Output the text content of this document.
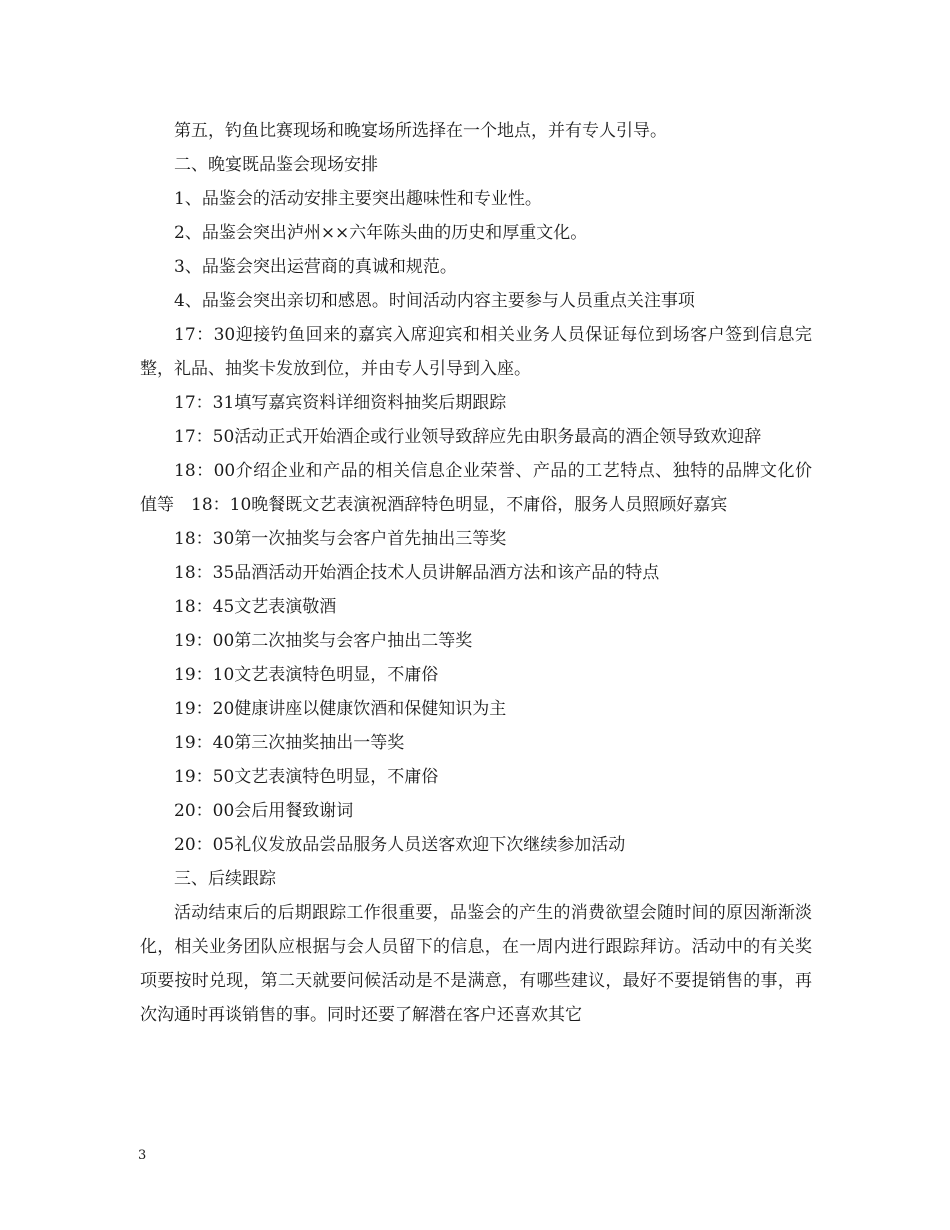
第五，钓鱼比赛现场和晚宴场所选择在一个地点，并有专人引导。

二、晚宴既品鉴会现场安排

1、品鉴会的活动安排主要突出趣味性和专业性。

2、品鉴会突出泸州××六年陈头曲的历史和厚重文化。

3、品鉴会突出运营商的真诚和规范。

4、品鉴会突出亲切和感恩。时间活动内容主要参与人员重点关注事项

17：30迎接钓鱼回来的嘉宾入席迎宾和相关业务人员保证每位到场客户签到信息完整，礼品、抽奖卡发放到位，并由专人引导到入座。

17：31填写嘉宾资料详细资料抽奖后期跟踪

17：50活动正式开始酒企或行业领导致辞应先由职务最高的酒企领导致欢迎辞

18：00介绍企业和产品的相关信息企业荣誉、产品的工艺特点、独特的品牌文化价值等　18：10晚餐既文艺表演祝酒辞特色明显，不庸俗，服务人员照顾好嘉宾

18：30第一次抽奖与会客户首先抽出三等奖

18：35品酒活动开始酒企技术人员讲解品酒方法和该产品的特点

18：45文艺表演敬酒

19：00第二次抽奖与会客户抽出二等奖

19：10文艺表演特色明显，不庸俗

19：20健康讲座以健康饮酒和保健知识为主

19：40第三次抽奖抽出一等奖

19：50文艺表演特色明显，不庸俗

20：00会后用餐致谢词

20：05礼仪发放品尝品服务人员送客欢迎下次继续参加活动

三、后续跟踪

活动结束后的后期跟踪工作很重要，品鉴会的产生的消费欲望会随时间的原因渐渐淡化，相关业务团队应根据与会人员留下的信息，在一周内进行跟踪拜访。活动中的有关奖项要按时兑现，第二天就要问候活动是不是满意，有哪些建议，最好不要提销售的事，再次沟通时再谈销售的事。同时还要了解潜在客户还喜欢其它

3
